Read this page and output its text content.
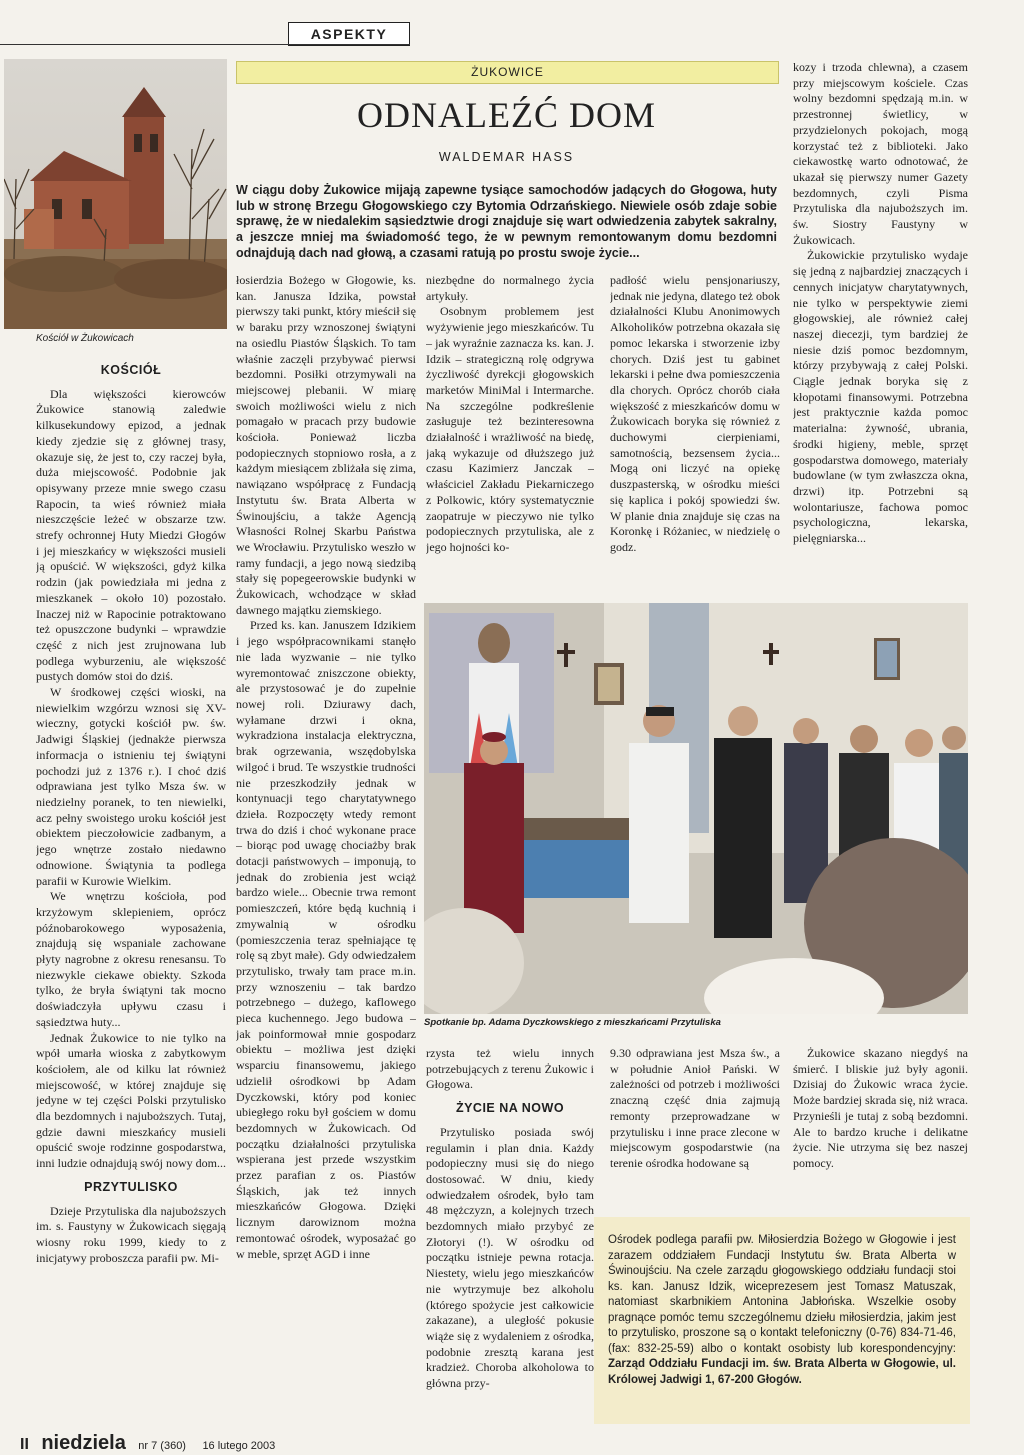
ASPEKTY
Kościół w Żukowicach
ŻUKOWICE
ODNALEŹĆ DOM
WALDEMAR HASS
W ciągu doby Żukowice mijają zapewne tysiące samochodów jadących do Głogowa, huty lub w stronę Brzegu Głogowskiego czy Bytomia Odrzańskiego. Niewiele osób zdaje sobie sprawę, że w niedalekim sąsiedztwie drogi znajduje się wart odwiedzenia zabytek sakralny, a jeszcze mniej ma świadomość tego, że w pewnym remontowanym domu bezdomni odnajdują dach nad głową, a czasami ratują po prostu swoje życie...
KOŚCIÓŁ

Dla większości kierowców Żukowice stanowią zaledwie kilkusekundowy epizod, a jednak kiedy zjedzie się z głównej trasy, okazuje się, że jest to, czy raczej była, duża miejscowość. Podobnie jak opisywany przeze mnie swego czasu Rapocin, ta wieś również miała nieszczęście leżeć w obszarze tzw. strefy ochronnej Huty Miedzi Głogów i jej mieszkańcy w większości musieli ją opuścić. W większości, gdyż kilka rodzin (jak powiedziała mi jedna z mieszkanek – około 10) pozostało. Inaczej niż w Rapocinie potraktowano też opuszczone budynki – wprawdzie część z nich jest zrujnowana lub podlega wyburzeniu, ale większość pustych domów stoi do dziś.

W środkowej części wioski, na niewielkim wzgórzu wznosi się XV-wieczny, gotycki kościół pw. św. Jadwigi Śląskiej (jednakże pierwsza informacja o istnieniu tej świątyni pochodzi już z 1376 r.). I choć dziś odprawiana jest tylko Msza św. w niedzielny poranek, to ten niewielki, acz pełny swoistego uroku kościół jest obiektem pieczołowicie zadbanym, a jego wnętrze zostało niedawno odnowione. Świątynia ta podlega parafii w Kurowie Wielkim.

We wnętrzu kościoła, pod krzyżowym sklepieniem, oprócz późnobarokowego wyposażenia, znajdują się wspaniale zachowane płyty nagrobne z okresu renesansu. To niezwykle ciekawe obiekty. Szkoda tylko, że bryła świątyni tak mocno doświadczyła upływu czasu i sąsiedztwa huty...

Jednak Żukowice to nie tylko na wpół umarła wioska z zabytkowym kościołem, ale od kilku lat również miejscowość, w której znajduje się jedyne w tej części Polski przytulisko dla bezdomnych i najuboższych. Tutaj, gdzie dawni mieszkańcy musieli opuścić swoje rodzinne gospodarstwa, inni ludzie odnajdują swój nowy dom...

PRZYTULISKO

Dzieje Przytuliska dla najuboższych im. s. Faustyny w Żukowicach sięgają wiosny roku 1999, kiedy to z inicjatywy proboszcza parafii pw. Mi-

łosierdzia Bożego w Głogowie, ks. kan. Janusza Idzika, powstał pierwszy taki punkt, który mieścił się w baraku przy wznoszonej świątyni na osiedlu Piastów Śląskich. To tam właśnie zaczęli przybywać pierwsi bezdomni. Posiłki otrzymywali na miejscowej plebanii. W miarę swoich możliwości wielu z nich pomagało w pracach przy budowie kościoła. Ponieważ liczba podopiecznych stopniowo rosła, a z każdym miesiącem zbliżała się zima, nawiązano współpracę z Fundacją Instytutu św. Brata Alberta w Świnoujściu, a także Agencją Własności Rolnej Skarbu Państwa we Wrocławiu. Przytulisko weszło w ramy fundacji, a jego nową siedzibą stały się popegeerowskie budynki w Żukowicach, wchodzące w skład dawnego majątku ziemskiego.

Przed ks. kan. Januszem Idzikiem i jego współpracownikami stanęło nie lada wyzwanie – nie tylko wyremontować zniszczone obiekty, ale przystosować je do zupełnie nowej roli. Dziurawy dach, wyłamane drzwi i okna, wykradziona instalacja elektryczna, brak ogrzewania, wszędobylska wilgoć i brud. Te wszystkie trudności nie przeszkodziły jednak w kontynuacji tego charytatywnego dzieła. Rozpoczęty wtedy remont trwa do dziś i choć wykonane prace – biorąc pod uwagę chociażby brak dotacji państwowych – imponują, to jednak do zrobienia jest wciąż bardzo wiele... Obecnie trwa remont pomieszczeń, które będą kuchnią i zmywalnią w ośrodku (pomieszczenia teraz spełniające tę rolę są zbyt małe). Gdy odwiedzałem przytulisko, trwały tam prace m.in. przy wznoszeniu – tak bardzo potrzebnego – dużego, kaflowego pieca kuchennego. Jego budowa – jak poinformował mnie gospodarz obiektu – możliwa jest dzięki wsparciu finansowemu, jakiego udzielił ośrodkowi bp Adam Dyczkowski, który pod koniec ubiegłego roku był gościem w domu bezdomnych w Żukowicach. Od początku działalności przytuliska wspierana jest przede wszystkim przez parafian z os. Piastów Śląskich, jak też innych mieszkańców Głogowa. Dzięki licznym darowiznom można remontować ośrodek, wyposażać go w meble, sprzęt AGD i inne

niezbędne do normalnego życia artykuły.

Osobnym problemem jest wyżywienie jego mieszkańców. Tu – jak wyraźnie zaznacza ks. kan. J. Idzik – strategiczną rolę odgrywa życzliwość dyrekcji głogowskich marketów MiniMal i Intermarche. Na szczególne podkreślenie zasługuje też bezinteresowna działalność i wrażliwość na biedę, jaką wykazuje od dłuższego już czasu Kazimierz Janczak – właściciel Zakładu Piekarniczego z Polkowic, który systematycznie zaopatruje w pieczywo nie tylko podopiecznych przytuliska, ale z jego hojności ko-

padłość wielu pensjonariuszy, jednak nie jedyna, dlatego też obok działalności Klubu Anonimowych Alkoholików potrzebna okazała się pomoc lekarska i stworzenie izby chorych. Dziś jest tu gabinet lekarski i pełne dwa pomieszczenia dla chorych. Oprócz chorób ciała większość z mieszkańców domu w Żukowicach boryka się również z duchowymi cierpieniami, samotnością, bezsensem życia... Mogą oni liczyć na opiekę duszpasterską, w ośrodku mieści się kaplica i pokój spowiedzi św. W planie dnia znajduje się czas na Koronkę i Różaniec, w niedzielę o godz.

kozy i trzoda chlewna), a czasem przy miejscowym kościele. Czas wolny bezdomni spędzają m.in. w przestronnej świetlicy, w przydzielonych pokojach, mogą korzystać też z biblioteki. Jako ciekawostkę warto odnotować, że ukazał się pierwszy numer Gazety bezdomnych, czyli Pisma Przytuliska dla najuboższych im. św. Siostry Faustyny w Żukowicach.

Żukowickie przytulisko wydaje się jedną z najbardziej znaczących i cennych inicjatyw charytatywnych, nie tylko w perspektywie ziemi głogowskiej, ale również całej naszej diecezji, tym bardziej że niesie dziś pomoc bezdomnym, którzy przybywają z całej Polski. Ciągle jednak boryka się z kłopotami finansowymi. Potrzebna jest praktycznie każda pomoc materialna: żywność, ubrania, środki higieny, meble, sprzęt gospodarstwa domowego, materiały budowlane (w tym zwłaszcza okna, drzwi) itp. Potrzebni są wolontariusze, fachowa pomoc psychologiczna, lekarska, pielęgniarska...

Spotkanie bp. Adama Dyczkowskiego z mieszkańcami Przytuliska

rzysta też wielu innych potrzebujących z terenu Żukowic i Głogowa.

ŻYCIE NA NOWO

Przytulisko posiada swój regulamin i plan dnia. Każdy podopieczny musi się do niego dostosować. W dniu, kiedy odwiedzałem ośrodek, było tam 48 mężczyzn, a kolejnych trzech bezdomnych miało przybyć ze Złotoryi (!). W ośrodku od początku istnieje pewna rotacja. Niestety, wielu jego mieszkańców nie wytrzymuje bez alkoholu (którego spożycie jest całkowicie zakazane), a uległość pokusie wiąże się z wydaleniem z ośrodka, podobnie zresztą karana jest kradzież. Choroba alkoholowa to główna przy-

9.30 odprawiana jest Msza św., a w południe Anioł Pański. W zależności od potrzeb i możliwości znaczną część dnia zajmują remonty przeprowadzane w przytulisku i inne prace zlecone w miejscowym gospodarstwie (na terenie ośrodka hodowane są

Żukowice skazano niegdyś na śmierć. I bliskie już były agonii. Dzisiaj do Żukowic wraca życie. Może bardziej skrada się, niż wraca. Przynieśli je tutaj z sobą bezdomni. Ale to bardzo kruche i delikatne życie. Nie utrzyma się bez naszej pomocy.

Ośrodek podlega parafii pw. Miłosierdzia Bożego w Głogowie i jest zarazem oddziałem Fundacji Instytutu św. Brata Alberta w Świnoujściu. Na czele zarządu głogowskiego oddziału fundacji stoi ks. kan. Janusz Idzik, wiceprezesem jest Tomasz Matuszak, natomiast skarbnikiem Antonina Jabłońska. Wszelkie osoby pragnące pomóc temu szczególnemu dziełu miłosierdzia, jakim jest to przytulisko, proszone są o kontakt telefoniczny (0-76) 834-71-46, (fax: 832-25-59) albo o kontakt osobisty lub korespondencyjny: Zarząd Oddziału Fundacji im. św. Brata Alberta w Głogowie, ul. Królowej Jadwigi 1, 67-200 Głogów.
II niedziela nr 7 (360) 16 lutego 2003
